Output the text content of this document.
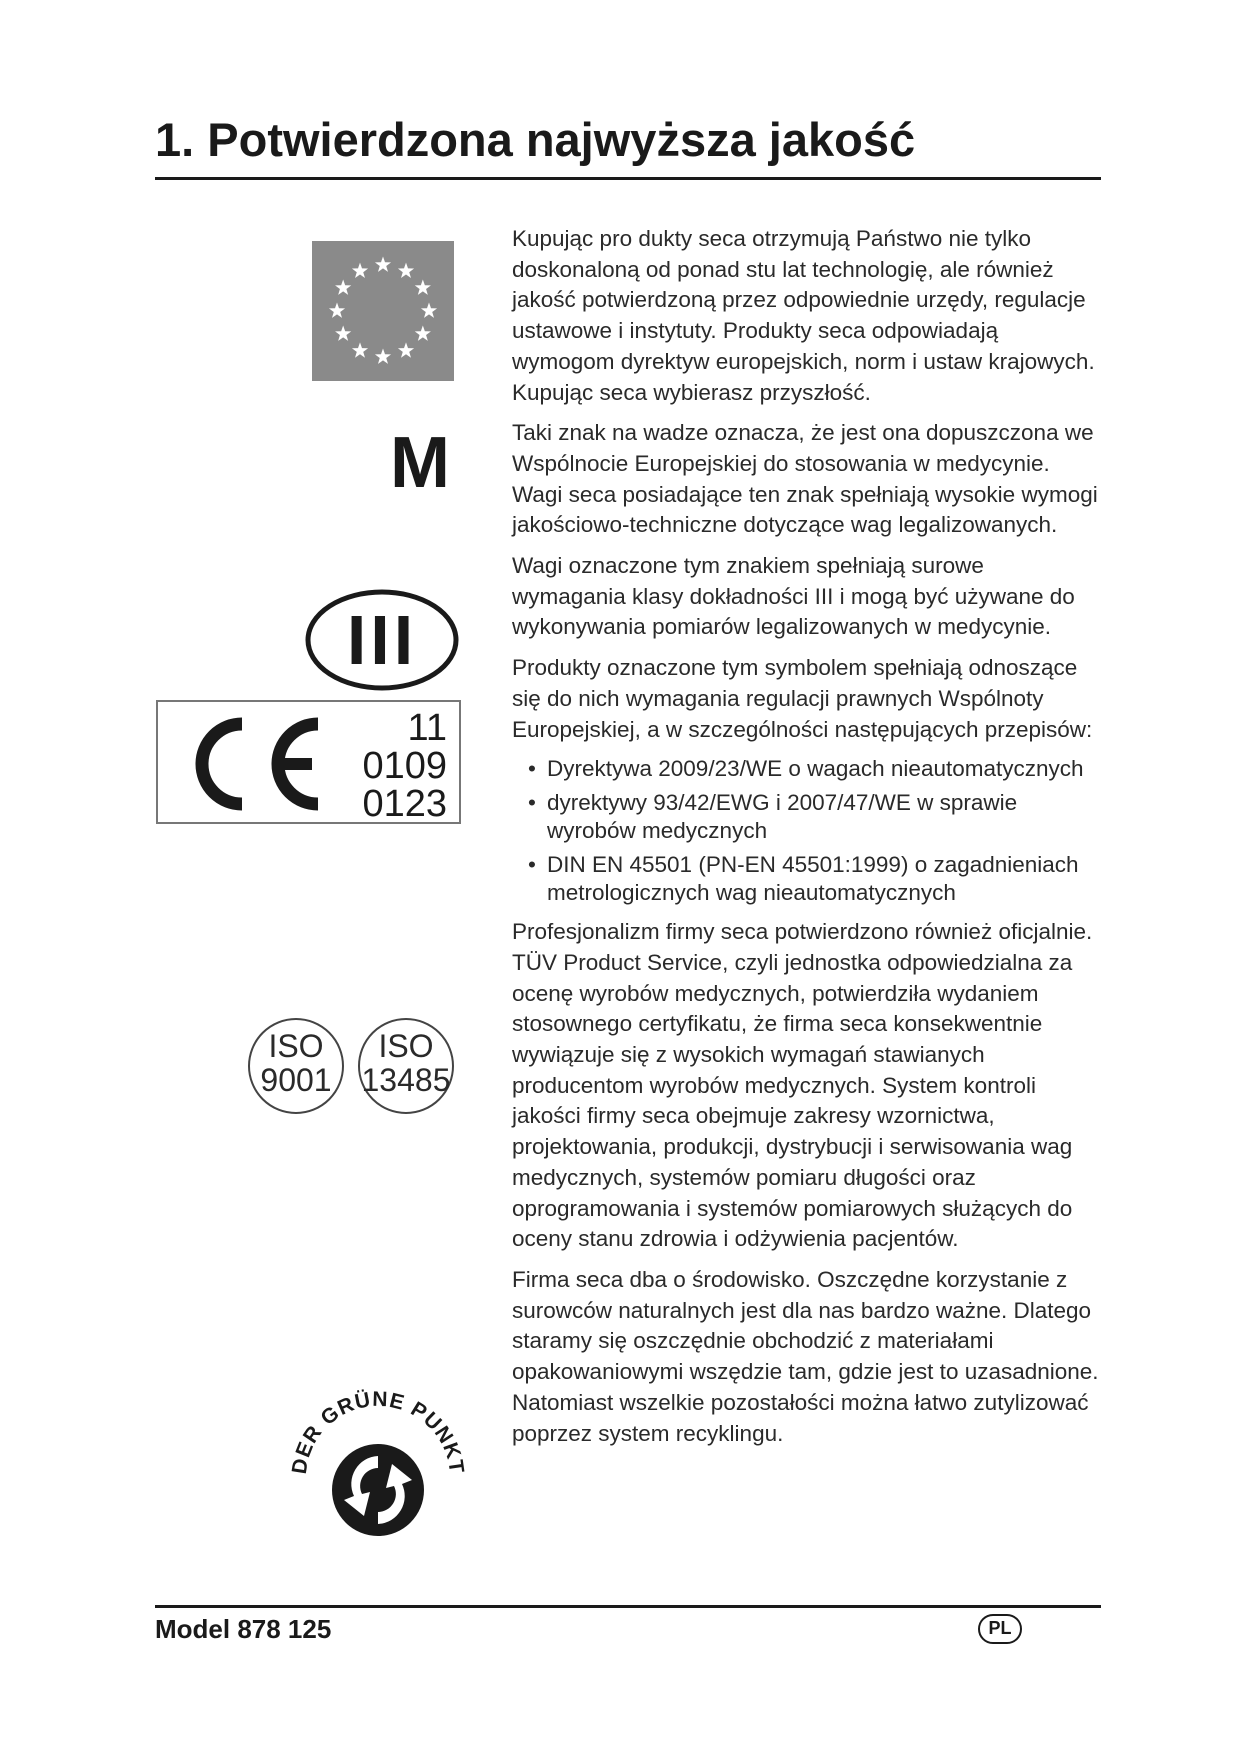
1. Potwierdzona najwyższa jakość
M
III
11
0109
0123
ISO
9001
ISO
13485
DER GRÜNE PUNKT

Kupując pro dukty seca otrzymują Państwo nie tylko doskonaloną od ponad stu lat technologię, ale również jakość potwierdzoną przez odpowiednie urzędy, regulacje ustawowe i instytuty. Produkty seca odpowiadają wymogom dyrektyw europejskich, norm i ustaw krajowych. Kupując seca wybierasz przyszłość.

Taki znak na wadze oznacza, że jest ona dopuszczona we Wspólnocie Europejskiej do stosowania w medycynie. Wagi seca posiadające ten znak spełniają wysokie wymogi jakościowo-techniczne dotyczące wag legalizowanych.

Wagi oznaczone tym znakiem spełniają surowe wymagania klasy dokładności III i mogą być używane do wykonywania pomiarów legalizowanych w medycynie.

Produkty oznaczone tym symbolem spełniają odnoszące się do nich wymagania regulacji prawnych Wspólnoty Europejskiej, a w szczególności następujących przepisów:

• Dyrektywa 2009/23/WE o wagach nieautomatycznych
• dyrektywy 93/42/EWG i 2007/47/WE w sprawie wyrobów medycznych
• DIN EN 45501 (PN-EN 45501:1999) o zagadnieniach metrologicznych wag nieautomatycznych

Profesjonalizm firmy seca potwierdzono również oficjalnie. TÜV Product Service, czyli jednostka odpowiedzialna za ocenę wyrobów medycznych, potwierdziła wydaniem stosownego certyfikatu, że firma seca konsekwentnie wywiązuje się z wysokich wymagań stawianych producentom wyrobów medycznych. System kontroli jakości firmy seca obejmuje zakresy wzornictwa, projektowania, produkcji, dystrybucji i serwisowania wag medycznych, systemów pomiaru długości oraz oprogramowania i systemów pomiarowych służących do oceny stanu zdrowia i odżywienia pacjentów.

Firma seca dba o środowisko. Oszczędne korzystanie z surowców naturalnych jest dla nas bardzo ważne. Dlatego staramy się oszczędnie obchodzić z materiałami opakowaniowymi wszędzie tam, gdzie jest to uzasadnione. Natomiast wszelkie pozostałości można łatwo zutylizować poprzez system recyklingu.

Model 878 125	PL
